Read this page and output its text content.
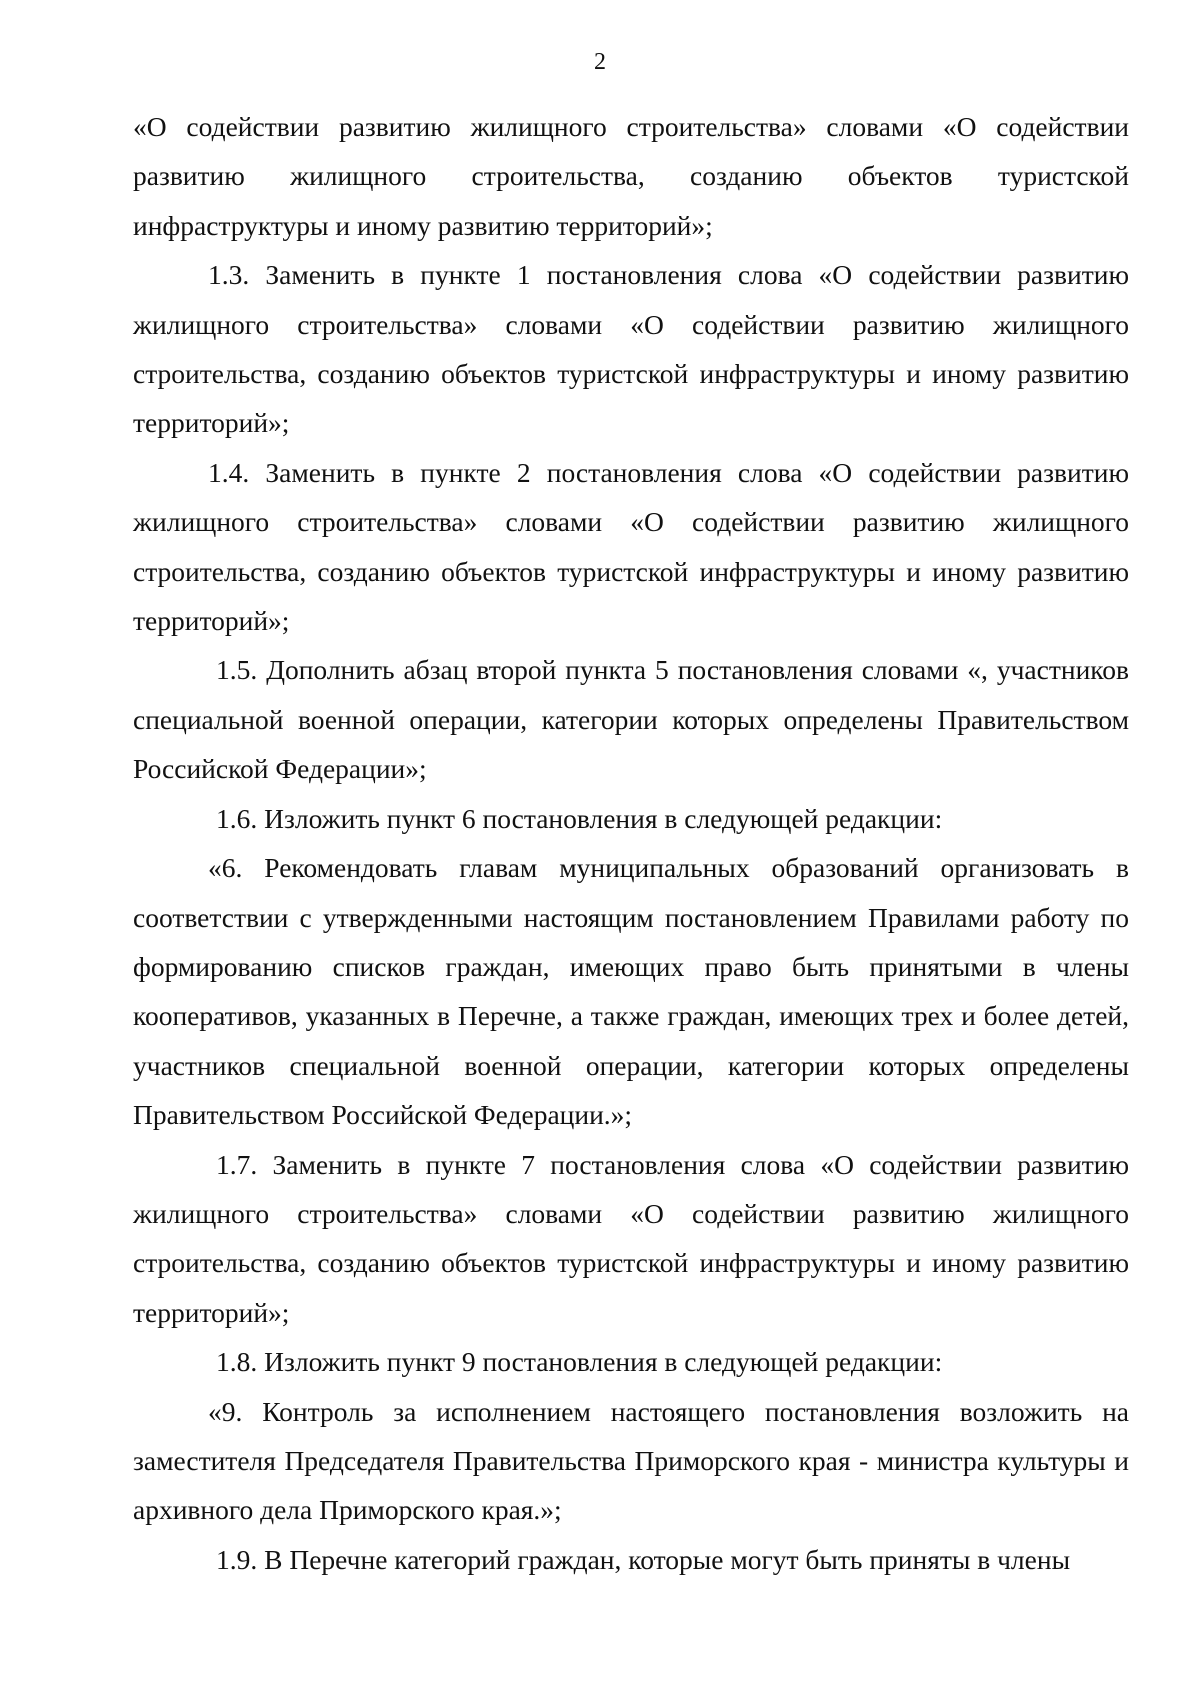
2

«О содействии развитию жилищного строительства» словами «О содействии развитию жилищного строительства, созданию объектов туристской инфраструктуры и иному развитию территорий»;

1.3. Заменить в пункте 1 постановления слова «О содействии развитию жилищного строительства» словами «О содействии развитию жилищного строительства, созданию объектов туристской инфраструктуры и иному развитию территорий»;

1.4. Заменить в пункте 2 постановления слова «О содействии развитию жилищного строительства» словами «О содействии развитию жилищного строительства, созданию объектов туристской инфраструктуры и иному развитию территорий»;

1.5. Дополнить абзац второй пункта 5 постановления словами «, участников специальной военной операции, категории которых определены Правительством Российской Федерации»;

1.6. Изложить пункт 6 постановления в следующей редакции:

«6. Рекомендовать главам муниципальных образований организовать в соответствии с утвержденными настоящим постановлением Правилами работу по формированию списков граждан, имеющих право быть принятыми в члены кооперативов, указанных в Перечне, а также граждан, имеющих трех и более детей, участников специальной военной операции, категории которых определены Правительством Российской Федерации.»;

1.7. Заменить в пункте 7 постановления слова «О содействии развитию жилищного строительства» словами «О содействии развитию жилищного строительства, созданию объектов туристской инфраструктуры и иному развитию территорий»;

1.8. Изложить пункт 9 постановления в следующей редакции:

«9. Контроль за исполнением настоящего постановления возложить на заместителя Председателя Правительства Приморского края - министра культуры и архивного дела Приморского края.»;

1.9. В Перечне категорий граждан, которые могут быть приняты в члены
